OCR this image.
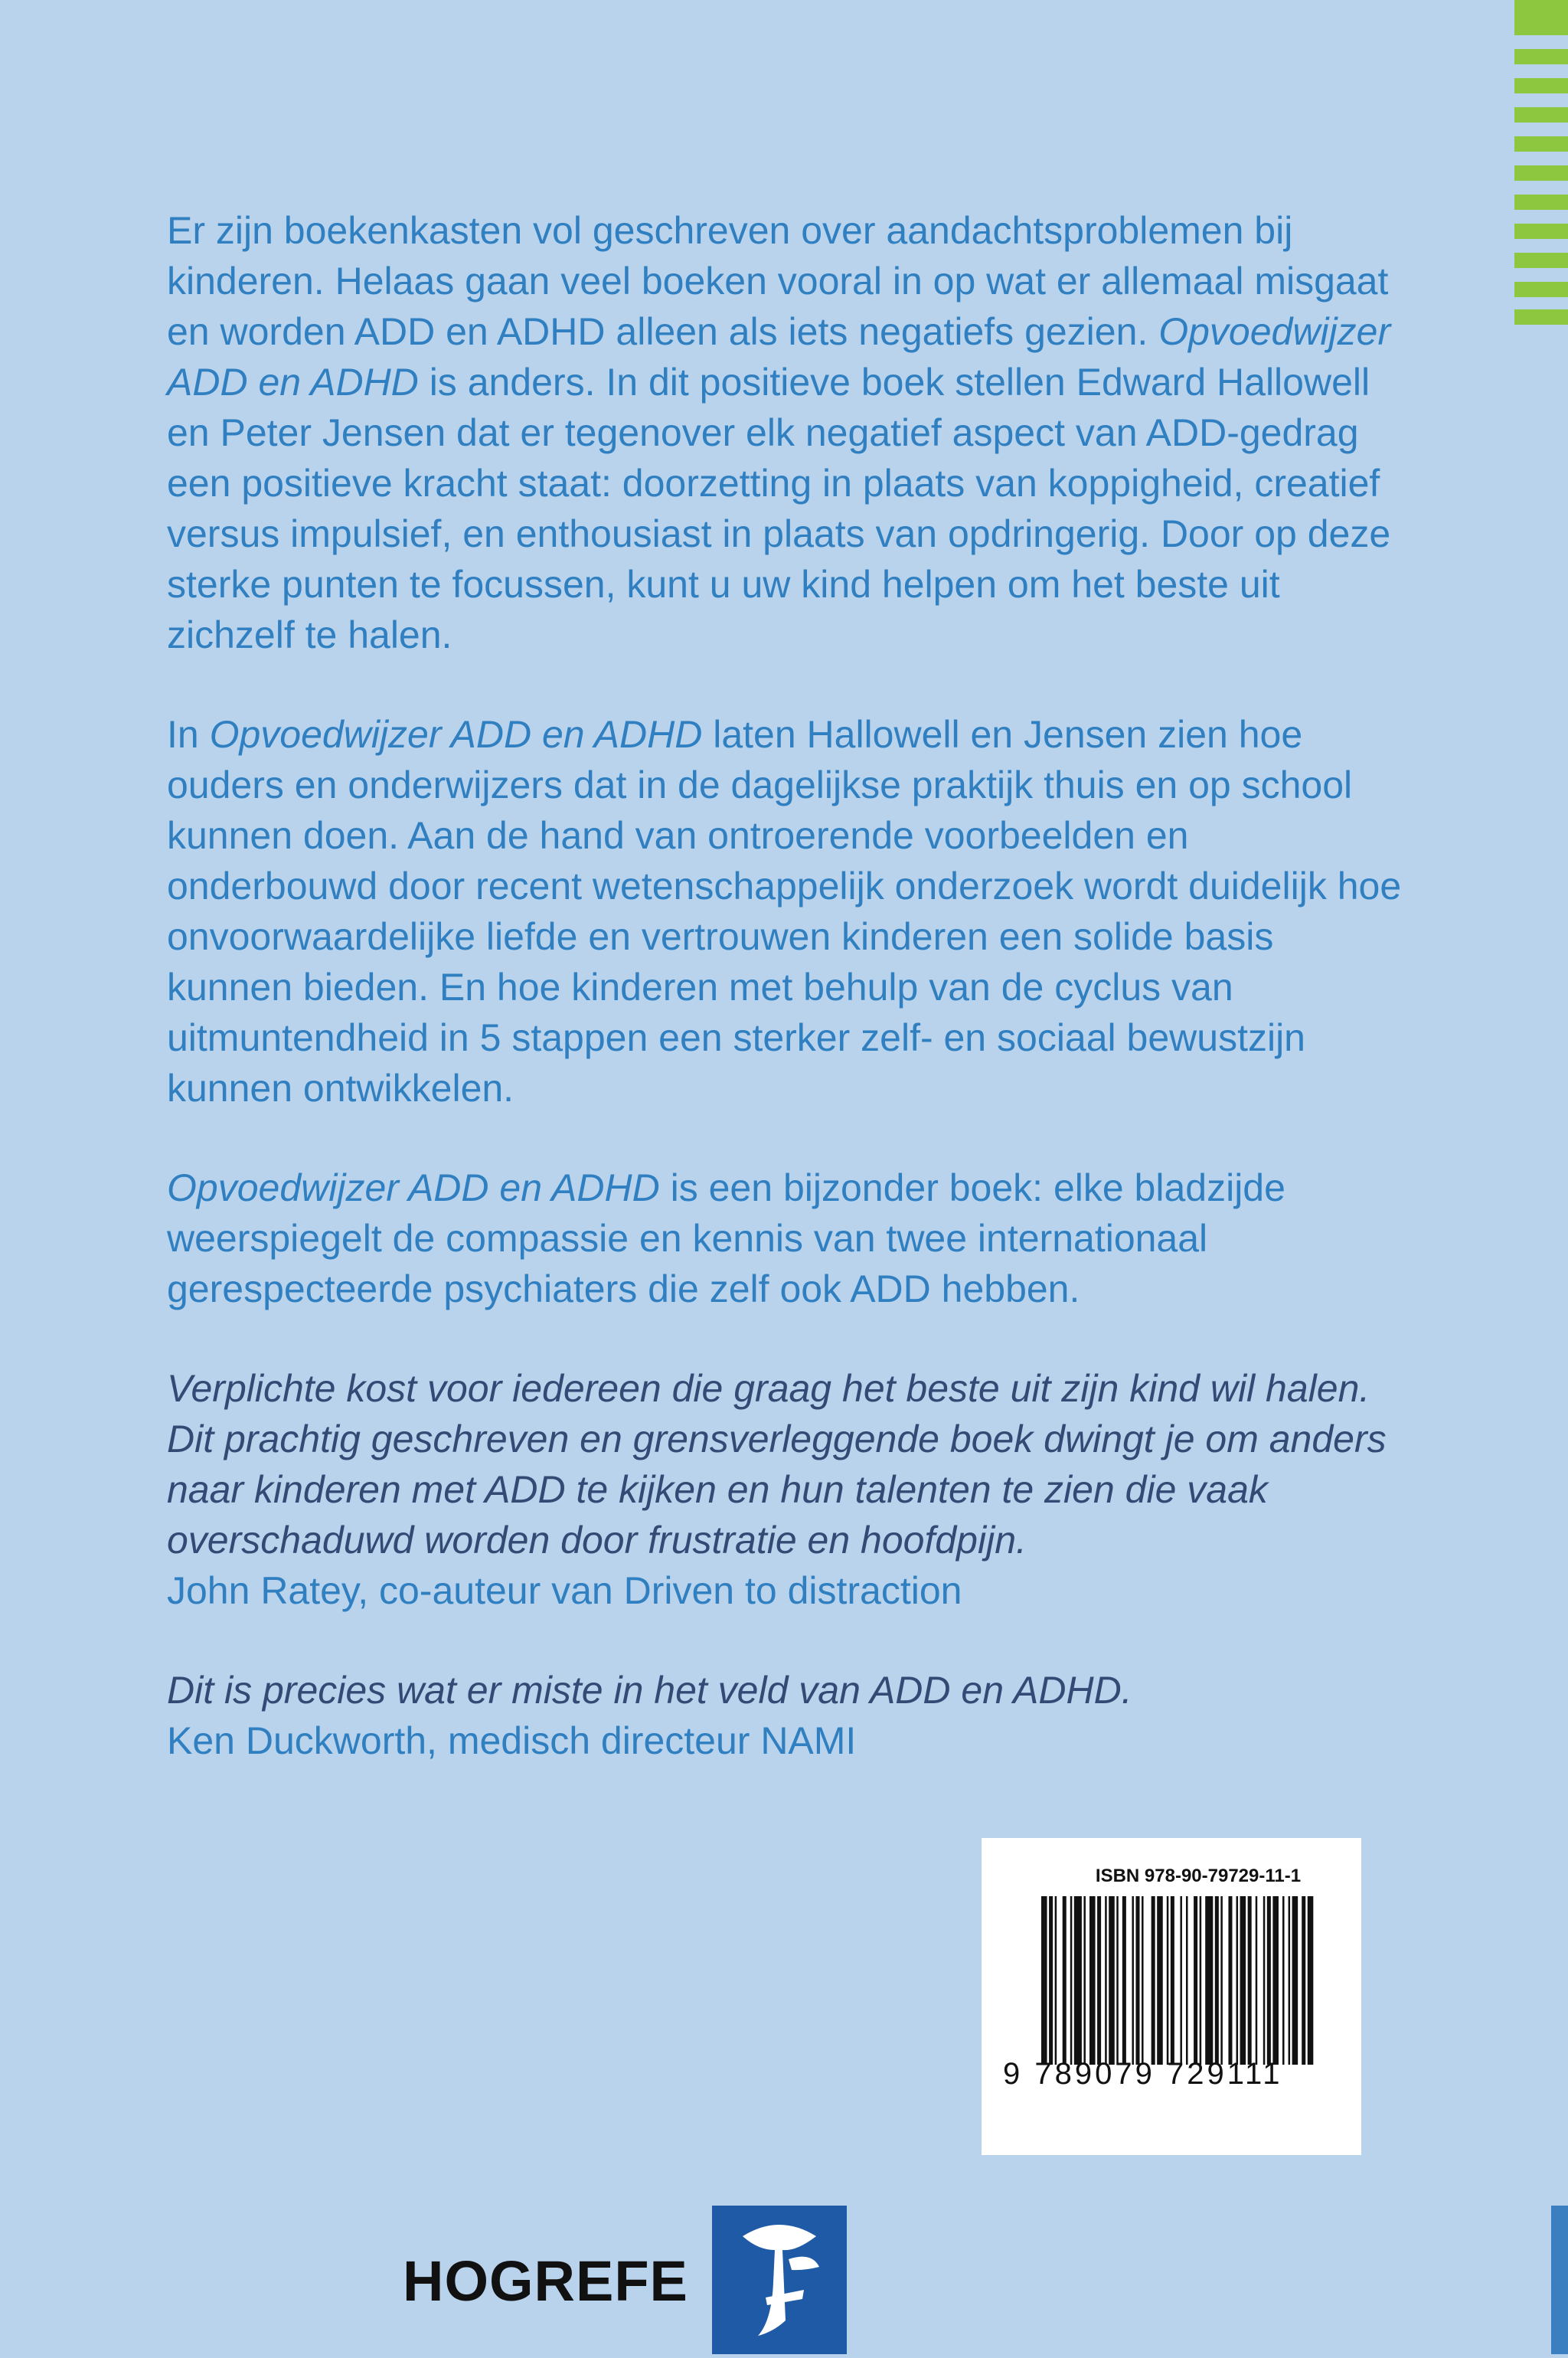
Er zijn boekenkasten vol geschreven over aandachtsproblemen bij kinderen. Helaas gaan veel boeken vooral in op wat er allemaal misgaat en worden ADD en ADHD alleen als iets negatiefs gezien. Opvoedwijzer ADD en ADHD is anders. In dit positieve boek stellen Edward Hallowell en Peter Jensen dat er tegenover elk negatief aspect van ADD-gedrag een positieve kracht staat: doorzetting in plaats van koppigheid, creatief versus impulsief, en enthousiast in plaats van opdringerig. Door op deze sterke punten te focussen, kunt u uw kind helpen om het beste uit zichzelf te halen.

In Opvoedwijzer ADD en ADHD laten Hallowell en Jensen zien hoe ouders en onderwijzers dat in de dagelijkse praktijk thuis en op school kunnen doen. Aan de hand van ontroerende voorbeelden en onderbouwd door recent wetenschappelijk onderzoek wordt duidelijk hoe onvoorwaardelijke liefde en vertrouwen kinderen een solide basis kunnen bieden. En hoe kinderen met behulp van de cyclus van uitmuntendheid in 5 stappen een sterker zelf- en sociaal bewustzijn kunnen ontwikkelen.

Opvoedwijzer ADD en ADHD is een bijzonder boek: elke bladzijde weerspiegelt de compassie en kennis van twee internationaal gerespecteerde psychiaters die zelf ook ADD hebben.

Verplichte kost voor iedereen die graag het beste uit zijn kind wil halen. Dit prachtig geschreven en grensverleggende boek dwingt je om anders naar kinderen met ADD te kijken en hun talenten te zien die vaak overschaduwd worden door frustratie en hoofdpijn.
John Ratey, co-auteur van Driven to distraction

Dit is precies wat er miste in het veld van ADD en ADHD.
Ken Duckworth, medisch directeur NAMI

ISBN 978-90-79729-11-1
9 789079 729111
HOGREFE
